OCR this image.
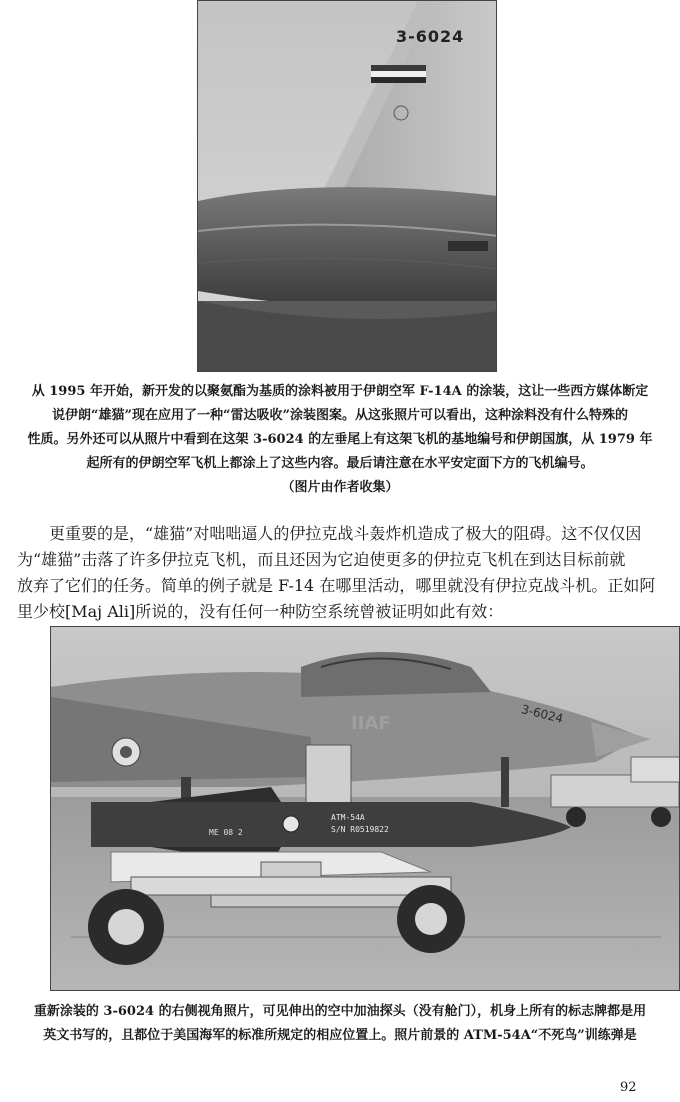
3-6024
从 1995 年开始，新开发的以聚氨酯为基质的涂料被用于伊朗空军 F-14A 的涂装，这让一些西方媒体断定
说伊朗“雄猫”现在应用了一种“雷达吸收”涂装图案。从这张照片可以看出，这种涂料没有什么特殊的
性质。另外还可以从照片中看到在这架 3-6024 的左垂尾上有这架飞机的基地编号和伊朗国旗，从 1979 年
起所有的伊朗空军飞机上都涂上了这些内容。最后请注意在水平安定面下方的飞机编号。
（图片由作者收集）
更重要的是，“雄猫”对咄咄逼人的伊拉克战斗轰炸机造成了极大的阻碍。这不仅仅因
为“雄猫”击落了许多伊拉克飞机，而且还因为它迫使更多的伊拉克飞机在到达目标前就
放弃了它们的任务。简单的例子就是 F-14 在哪里活动，哪里就没有伊拉克战斗机。正如阿
里少校[Maj Ali]所说的，没有任何一种防空系统曾被证明如此有效：
3-6024
IIAF
ME 08 2
ATM-54A
S/N R0519822
重新涂装的 3-6024 的右侧视角照片，可见伸出的空中加油探头（没有舱门），机身上所有的标志牌都是用
英文书写的，且都位于美国海军的标准所规定的相应位置上。照片前景的 ATM-54A“不死鸟”训练弹是
92
